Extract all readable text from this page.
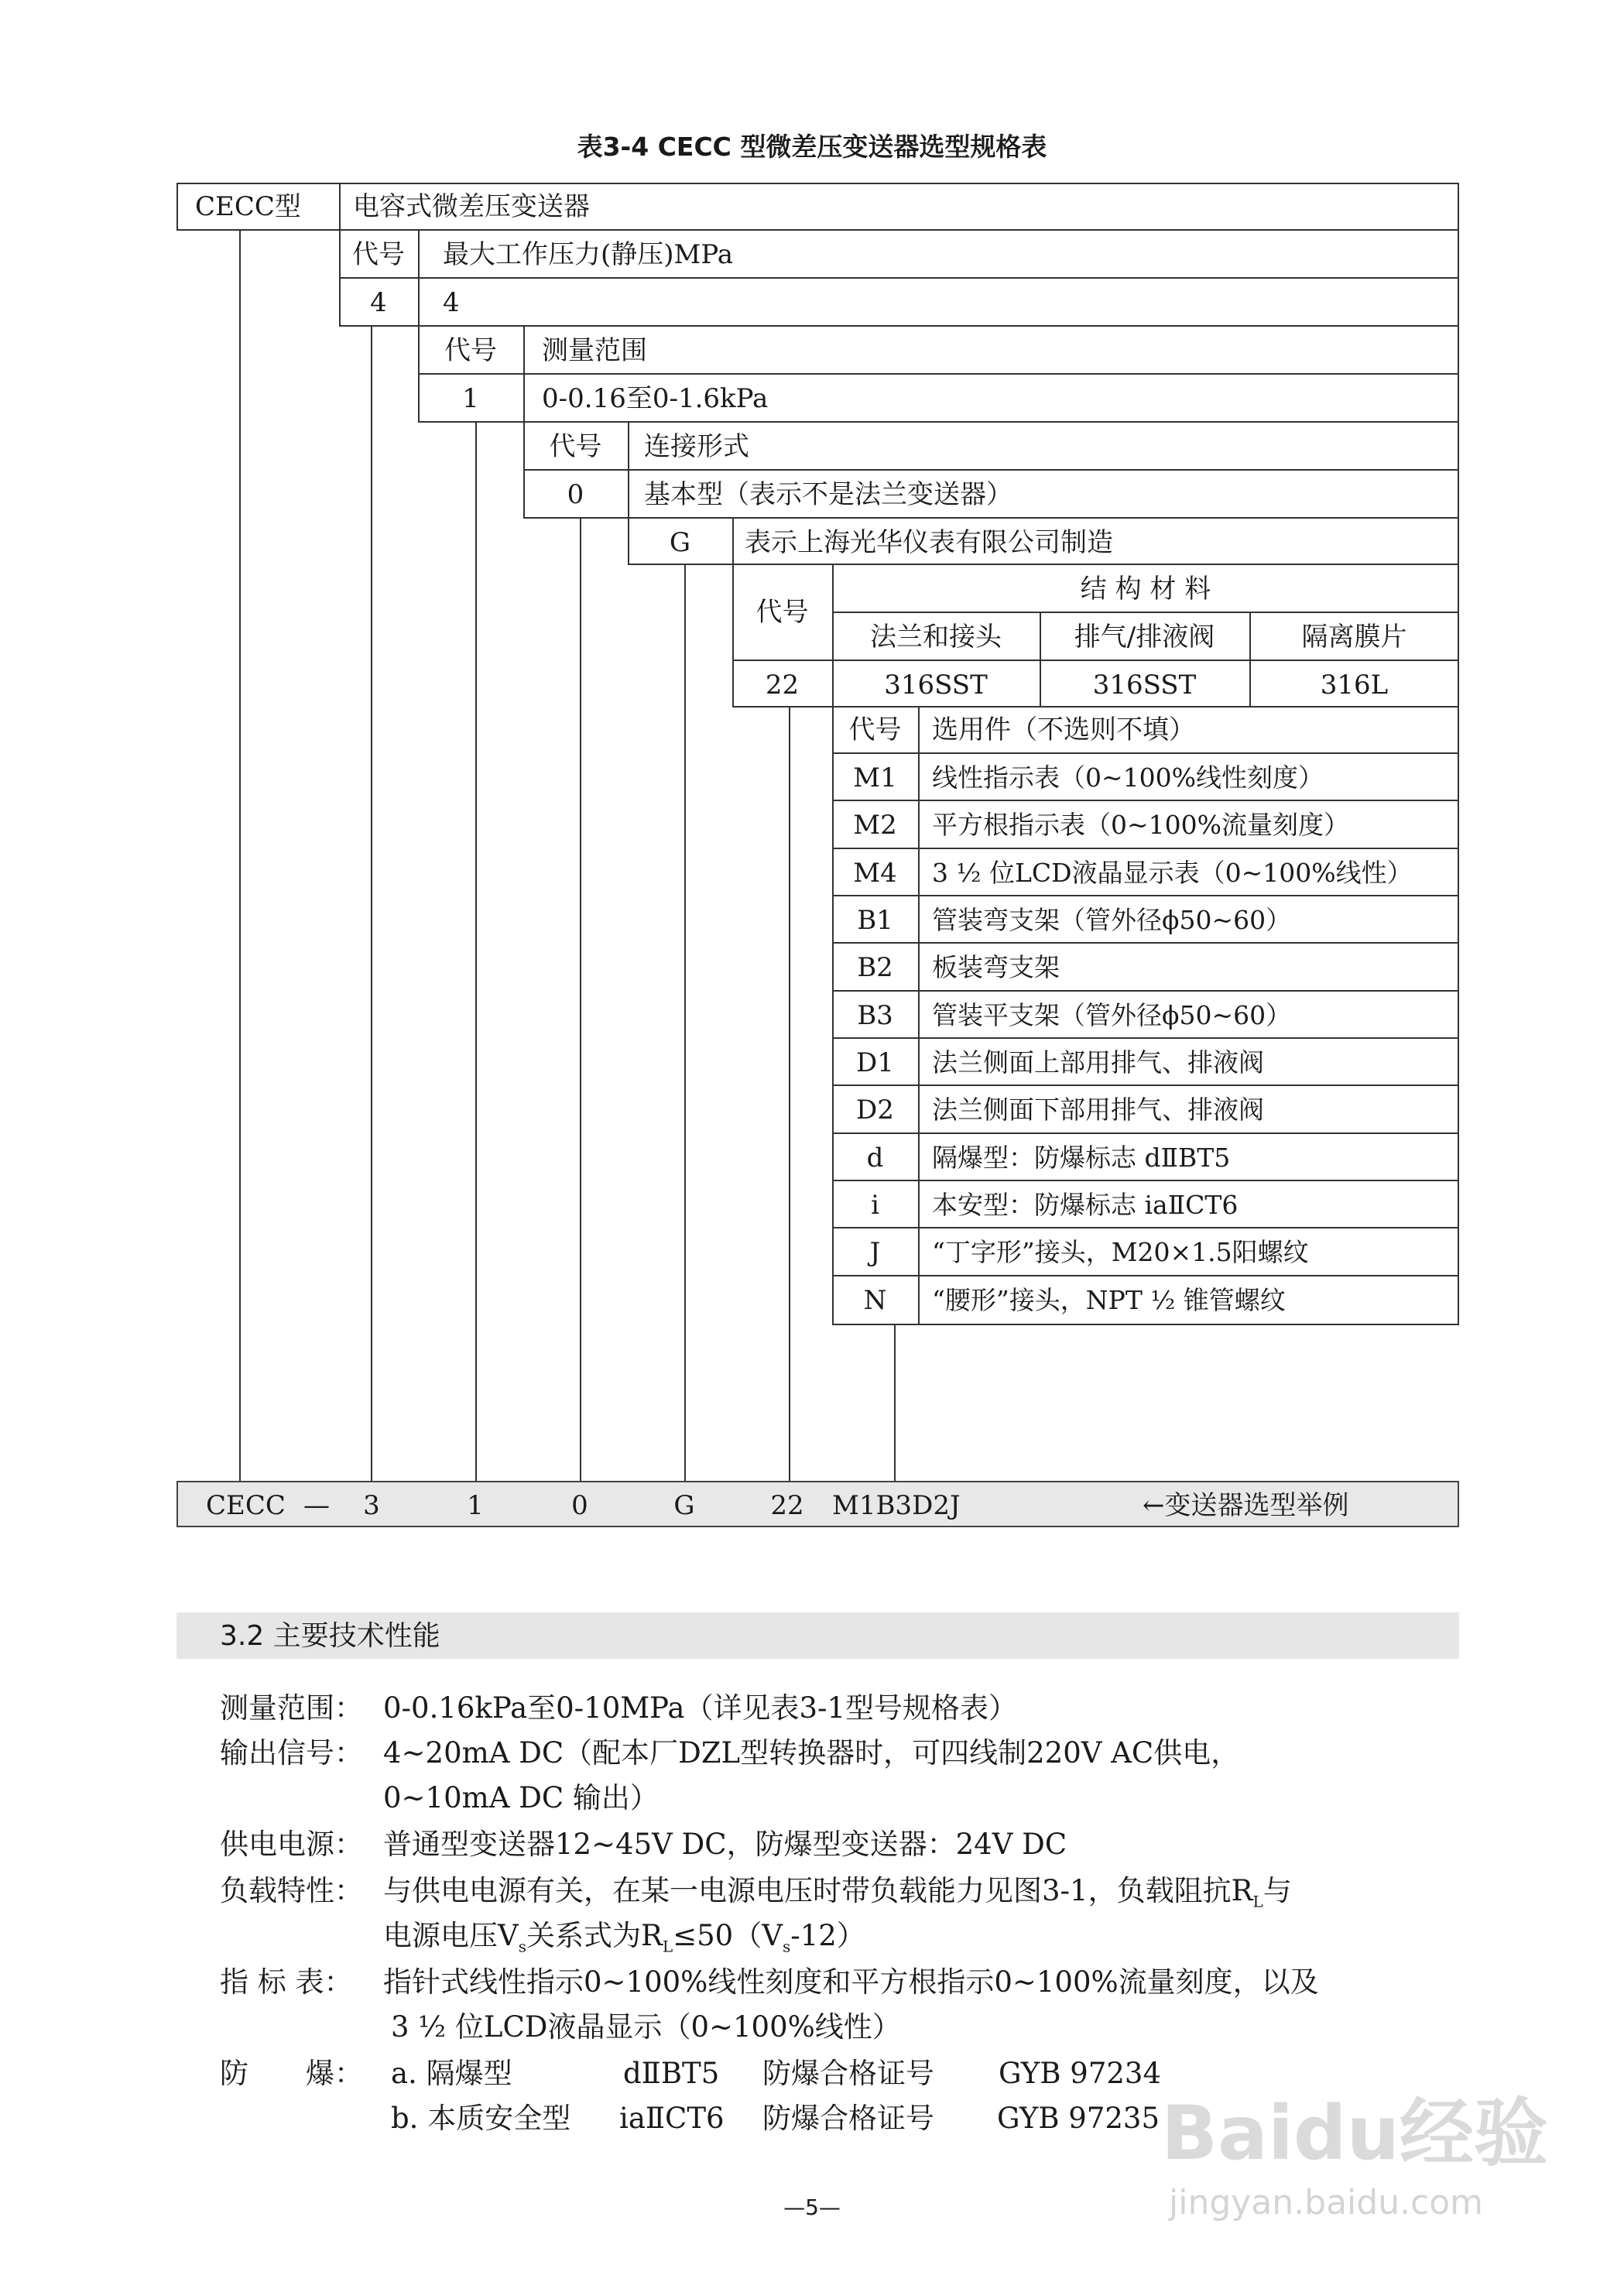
表3-4 CECC 型微差压变送器选型规格表
CECC型 电容式微差压变送器
代号	最大工作压力(静压)MPa
4	4
代号	测量范围
1	0-0.16至0-1.6kPa
代号	连接形式
0	基本型（表示不是法兰变送器）
G	表示上海光华仪表有限公司制造
代号
结 构 材 料
法兰和接头	排气/排液阀	隔离膜片
22	316SST	316SST	316L
代号	选用件（不选则不填）
M1	线性指示表（0~100%线性刻度）
M2	平方根指示表（0~100%流量刻度）
M4	3 ½ 位LCD液晶显示表（0~100%线性）
B1	管装弯支架（管外径ϕ50~60）
B2	板装弯支架
B3	管装平支架（管外径ϕ50~60）
D1	法兰侧面上部用排气、排液阀
D2	法兰侧面下部用排气、排液阀
d	隔爆型：防爆标志 dⅡBT5
i	本安型：防爆标志 iaⅡCT6
J	“丁字形”接头，M20×1.5阳螺纹
N	“腰形”接头，NPT ½ 锥管螺纹
CECC —	3	1	0	G	22	M1B3D2J	←变送器选型举例
3.2 主要技术性能
测量范围： 0-0.16kPa至0-10MPa（详见表3-1型号规格表）
输出信号： 4~20mA DC（配本厂DZL型转换器时，可四线制220V AC供电，
0~10mA DC 输出）
供电电源： 普通型变送器12~45V DC，防爆型变送器：24V DC
负载特性： 与供电电源有关，在某一电源电压时带负载能力见图3-1，负载阻抗$R_L$与
电源电压$V_s$关系式为$R_L\le 50(V_s-12)$
指 标 表： 指针式线性指示0~100%线性刻度和平方根指示0~100%流量刻度，以及
3 ½ 位LCD液晶显示（0~100%线性）
防　　爆： a. 隔爆型	dⅡBT5 防爆合格证号 GYB 97234
b. 本质安全型 iaⅡCT6 防爆合格证号 GYB 97235
—5—
Baidu经验
jingyan.baidu.com
